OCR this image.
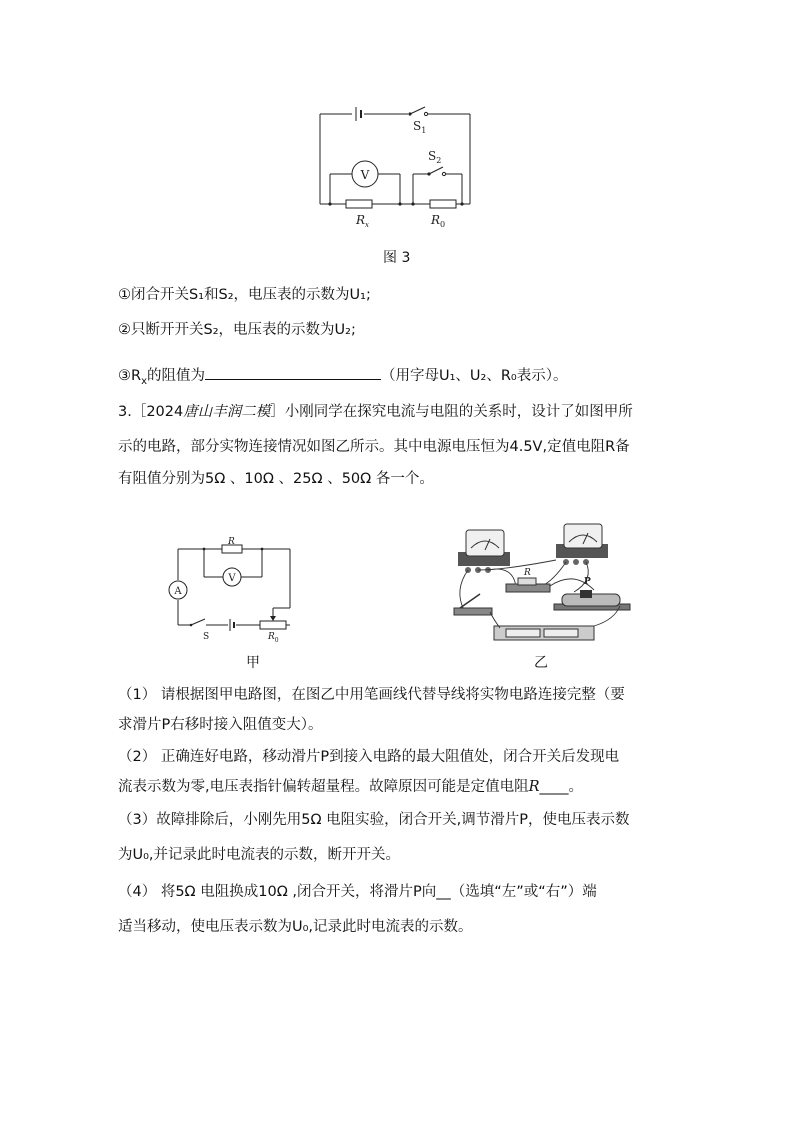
$S_1$
$S_2$
V
$R_x$	$R_0$
图 3
①闭合开关S₁和S₂，电压表的示数为U₁;
②只断开开关S₂，电压表的示数为U₂;
$③R_x$的阻值为	（用字母U₁、U₂、R₀表示）。
3.［2024唐山丰润二模］小刚同学在探究电流与电阻的关系时，设计了如图甲所
示的电路，部分实物连接情况如图乙所示。其中电源电压恒为4.5V,定值电阻R备
有阻值分别为5Ω 、10Ω 、25Ω 、50Ω 各一个。
V
A
R
S	$R_0$
甲
R
P
乙
（1） 请根据图甲电路图，在图乙中用笔画线代替导线将实物电路连接完整（要
求滑片P右移时接入阻值变大）。
（2） 正确连好电路，移动滑片P到接入电路的最大阻值处，闭合开关后发现电
流表示数为零,电压表指针偏转超量程。故障原因可能是定值电阻R____。
（3）故障排除后，小刚先用5Ω 电阻实验，闭合开关,调节滑片P，使电压表示数
为U₀,并记录此时电流表的示数，断开开关。
（4） 将5Ω 电阻换成10Ω ,闭合开关，将滑片P向__（选填“左”或“右”）端
适当移动，使电压表示数为U₀,记录此时电流表的示数。
